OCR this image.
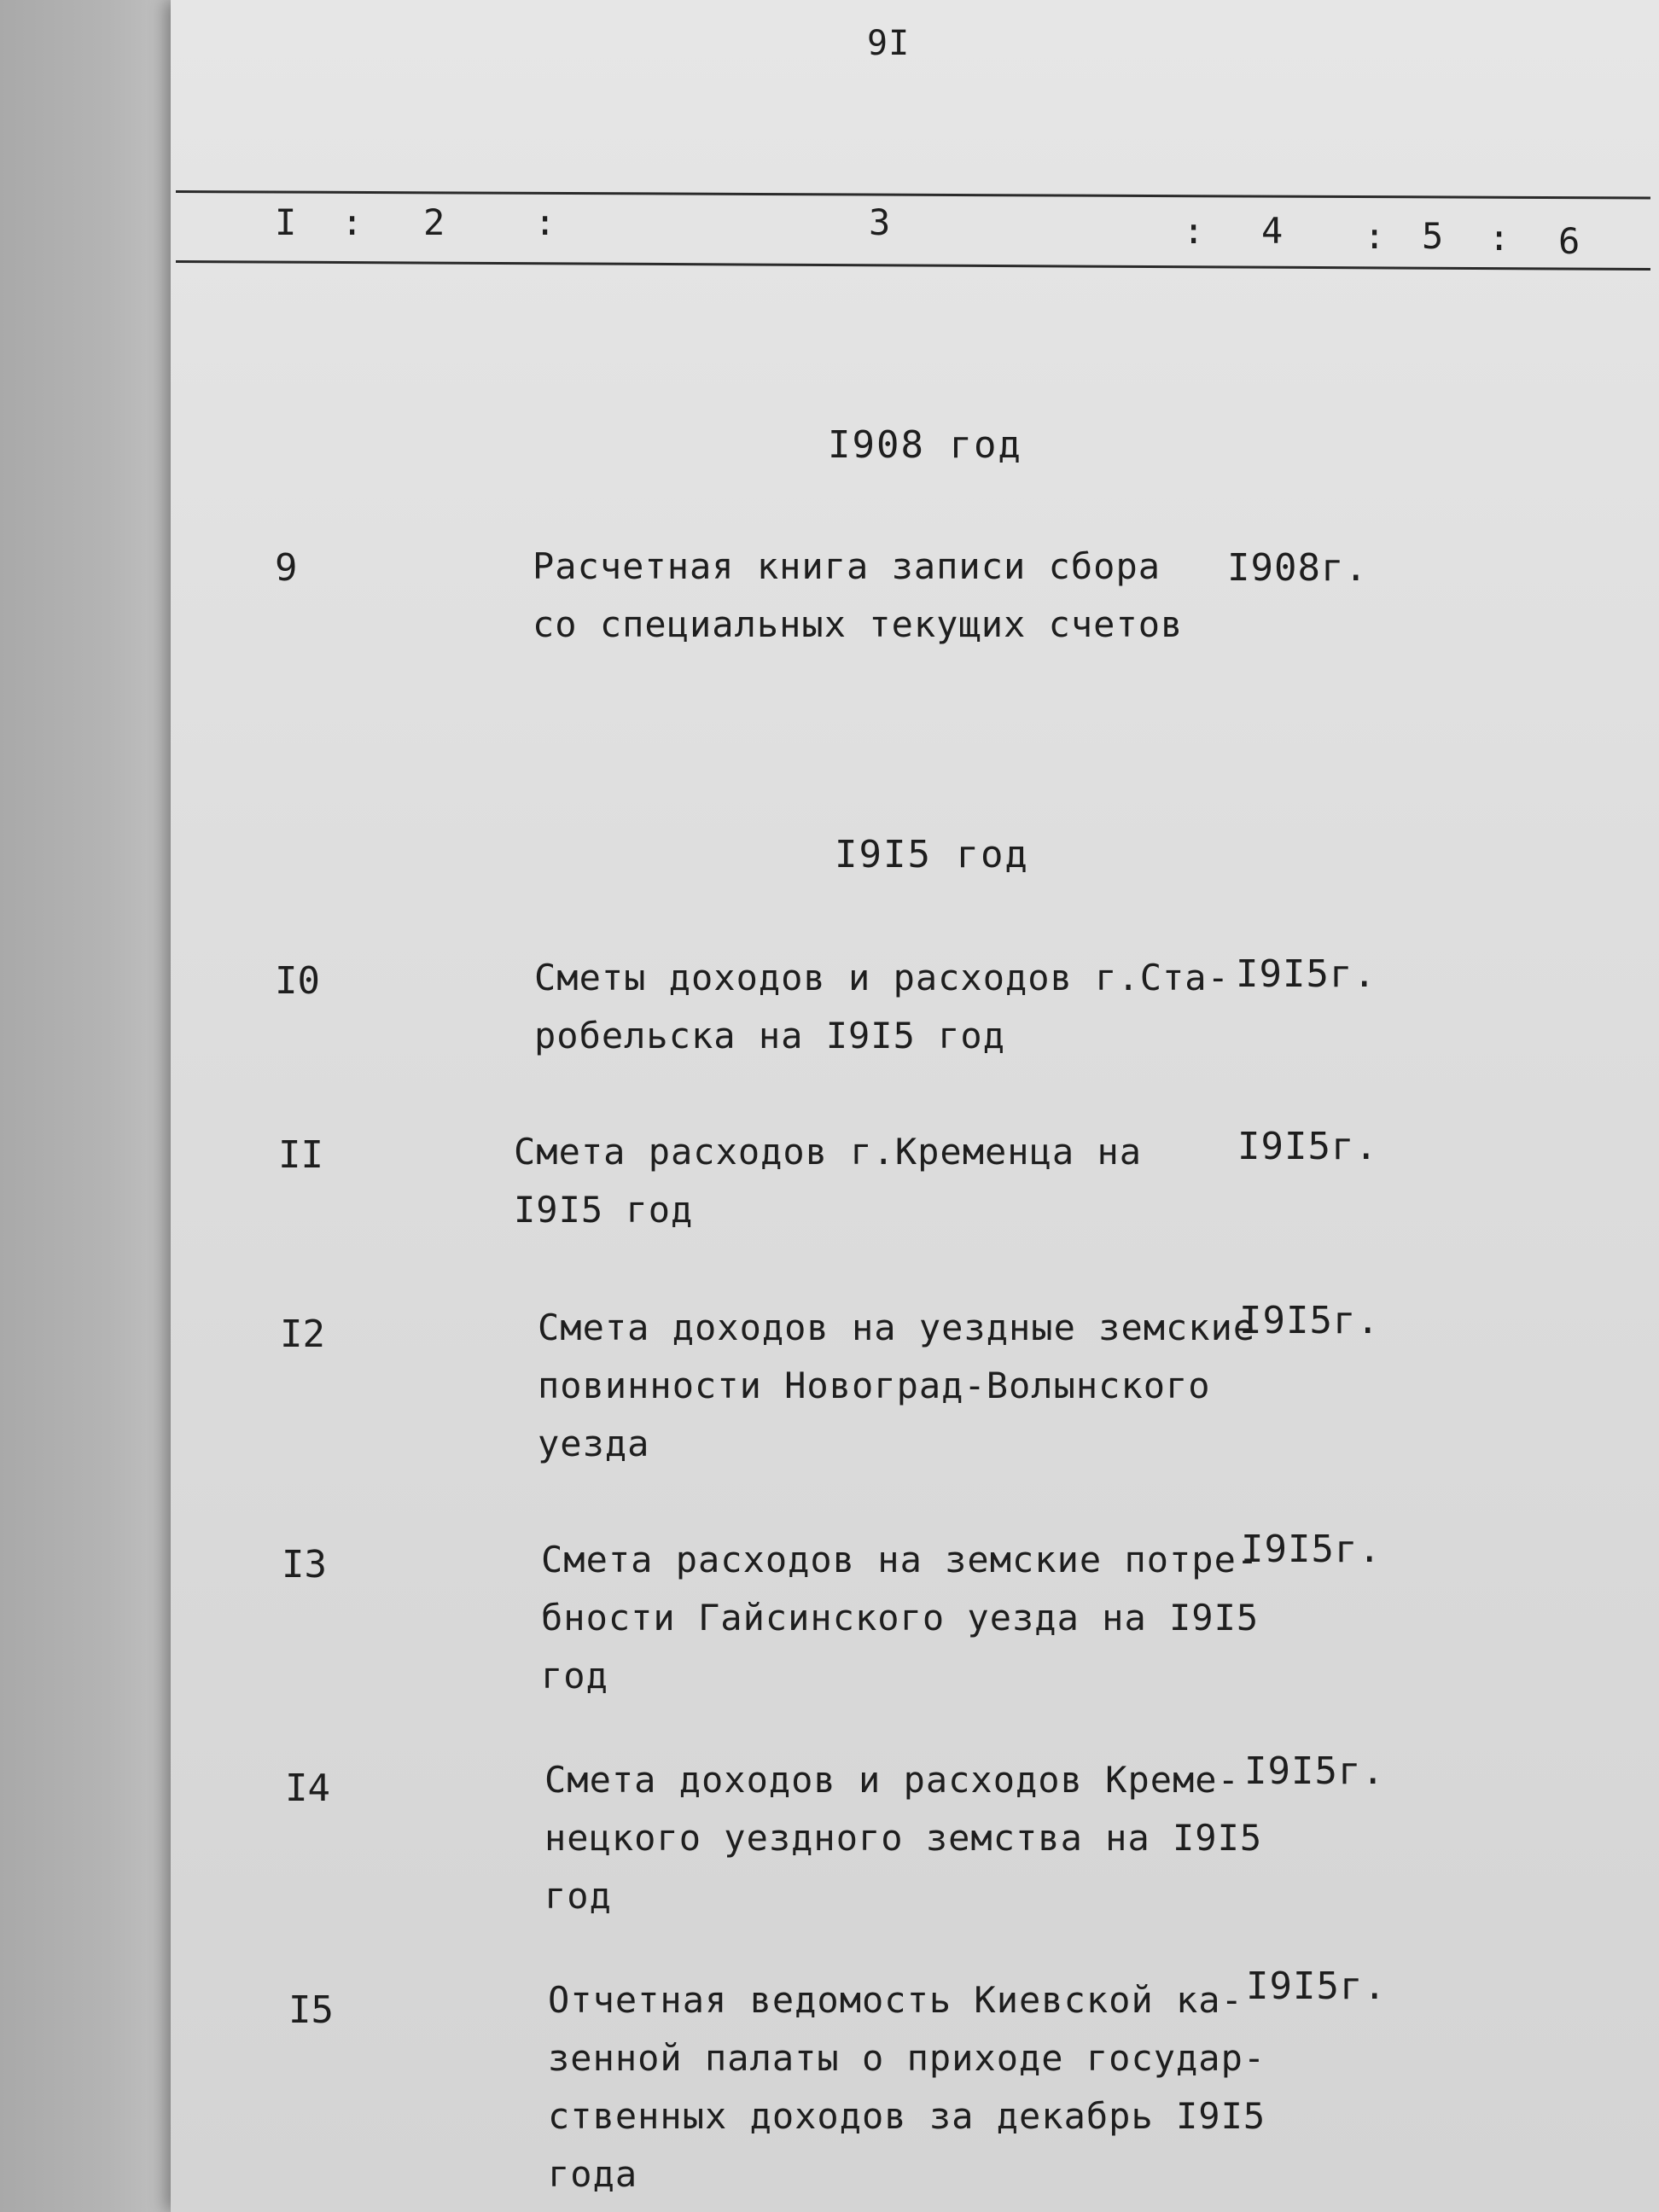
9I
I : 2 :	3	: 4 : 5 : 6
I908 год
9	Расчетная книга записи сбора
со специальных текущих счетов
I908г.
I9I5 год
I0	Сметы доходов и расходов г.Ста-
робельска на I9I5 год
I9I5г.
II	Смета расходов г.Кременца на
I9I5 год
I9I5г.
I2	Смета доходов на уездные земские
повинности Новоград-Волынского
уезда
I9I5г.
I3	Смета расходов на земские потре-
бности Гайсинского уезда на I9I5
год
I9I5г.
I4	Смета доходов и расходов Креме-
нецкого уездного земства на I9I5
год
I9I5г.
I5	Отчетная ведомость Киевской ка-
зенной палаты о приходе государ-
ственных доходов за декабрь I9I5
года
I9I5г.
